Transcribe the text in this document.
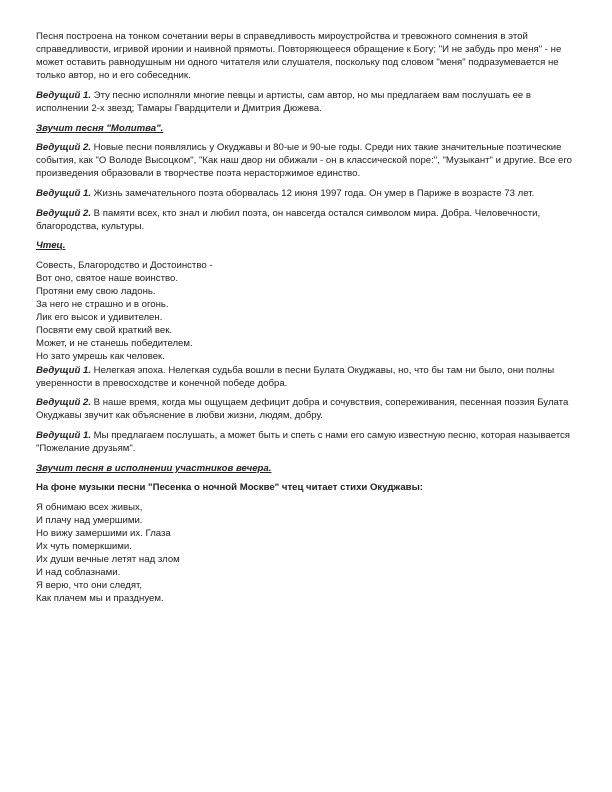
Песня построена на тонком сочетании веры в справедливость мироустройства и тревожного сомнения в этой справедливости, игривой иронии и наивной прямоты. Повторяющееся обращение к Богу; "И не забудь про меня" - не может оставить равнодушным ни одного читателя или слушателя, поскольку под словом "меня" подразумевается не только автор, но и его собеседник.

Ведущий 1. Эту песню исполняли многие певцы и артисты, сам автор, но мы предлагаем вам послушать ее в исполнении 2-х звезд; Тамары Гвардцители и Дмитрия Дюжева.

Звучит песня "Молитва".

Ведущий 2. Новые песни появлялись у Окуджавы и 80-ые и 90-ые годы. Среди них такие значительные поэтические события, как "О Володе Высоцком", "Как наш двор ни обижали - он в классической поре:", "Музыкант" и другие. Все его произведения образовали в творчестве поэта нерасторжимое единство.

Ведущий 1. Жизнь замечательного поэта оборвалась 12 июня 1997 года. Он умер в Париже в возрасте 73 лет.

Ведущий 2. В памяти всех, кто знал и любил поэта, он навсегда остался символом мира. Добра. Человечности, благородства, культуры.

Чтец.

Совесть, Благородство и Достоинство -
Вот оно, святое наше воинство.
Протяни ему свою ладонь.
За него не страшно и в огонь.
Лик его высок и удивителен.
Посвяти ему свой краткий век.
Может, и не станешь победителем.
Но зато умрешь как человек.

Ведущий 1. Нелегкая эпоха. Нелегкая судьба вошли в песни Булата Окуджавы, но, что бы там ни было, они полны уверенности в превосходстве и конечной победе добра.

Ведущий 2. В наше время, когда мы ощущаем дефицит добра и сочувствия, сопереживания, песенная поэзия Булата Окуджавы звучит как объяснение в любви жизни, людям, добру.

Ведущий 1. Мы предлагаем послушать, а может быть и спеть с нами его самую известную песню, которая называется "Пожелание друзьям".

Звучит песня в исполнении участников вечера.

На фоне музыки песни "Песенка о ночной Москве" чтец читает стихи Окуджавы:

Я обнимаю всех живых,
И плачу над умершими.
Но вижу замершими их. Глаза
Их чуть померкшими.
Их души вечные летят над злом
И над соблазнами.
Я верю, что они следят,
Как плачем мы и празднуем.
